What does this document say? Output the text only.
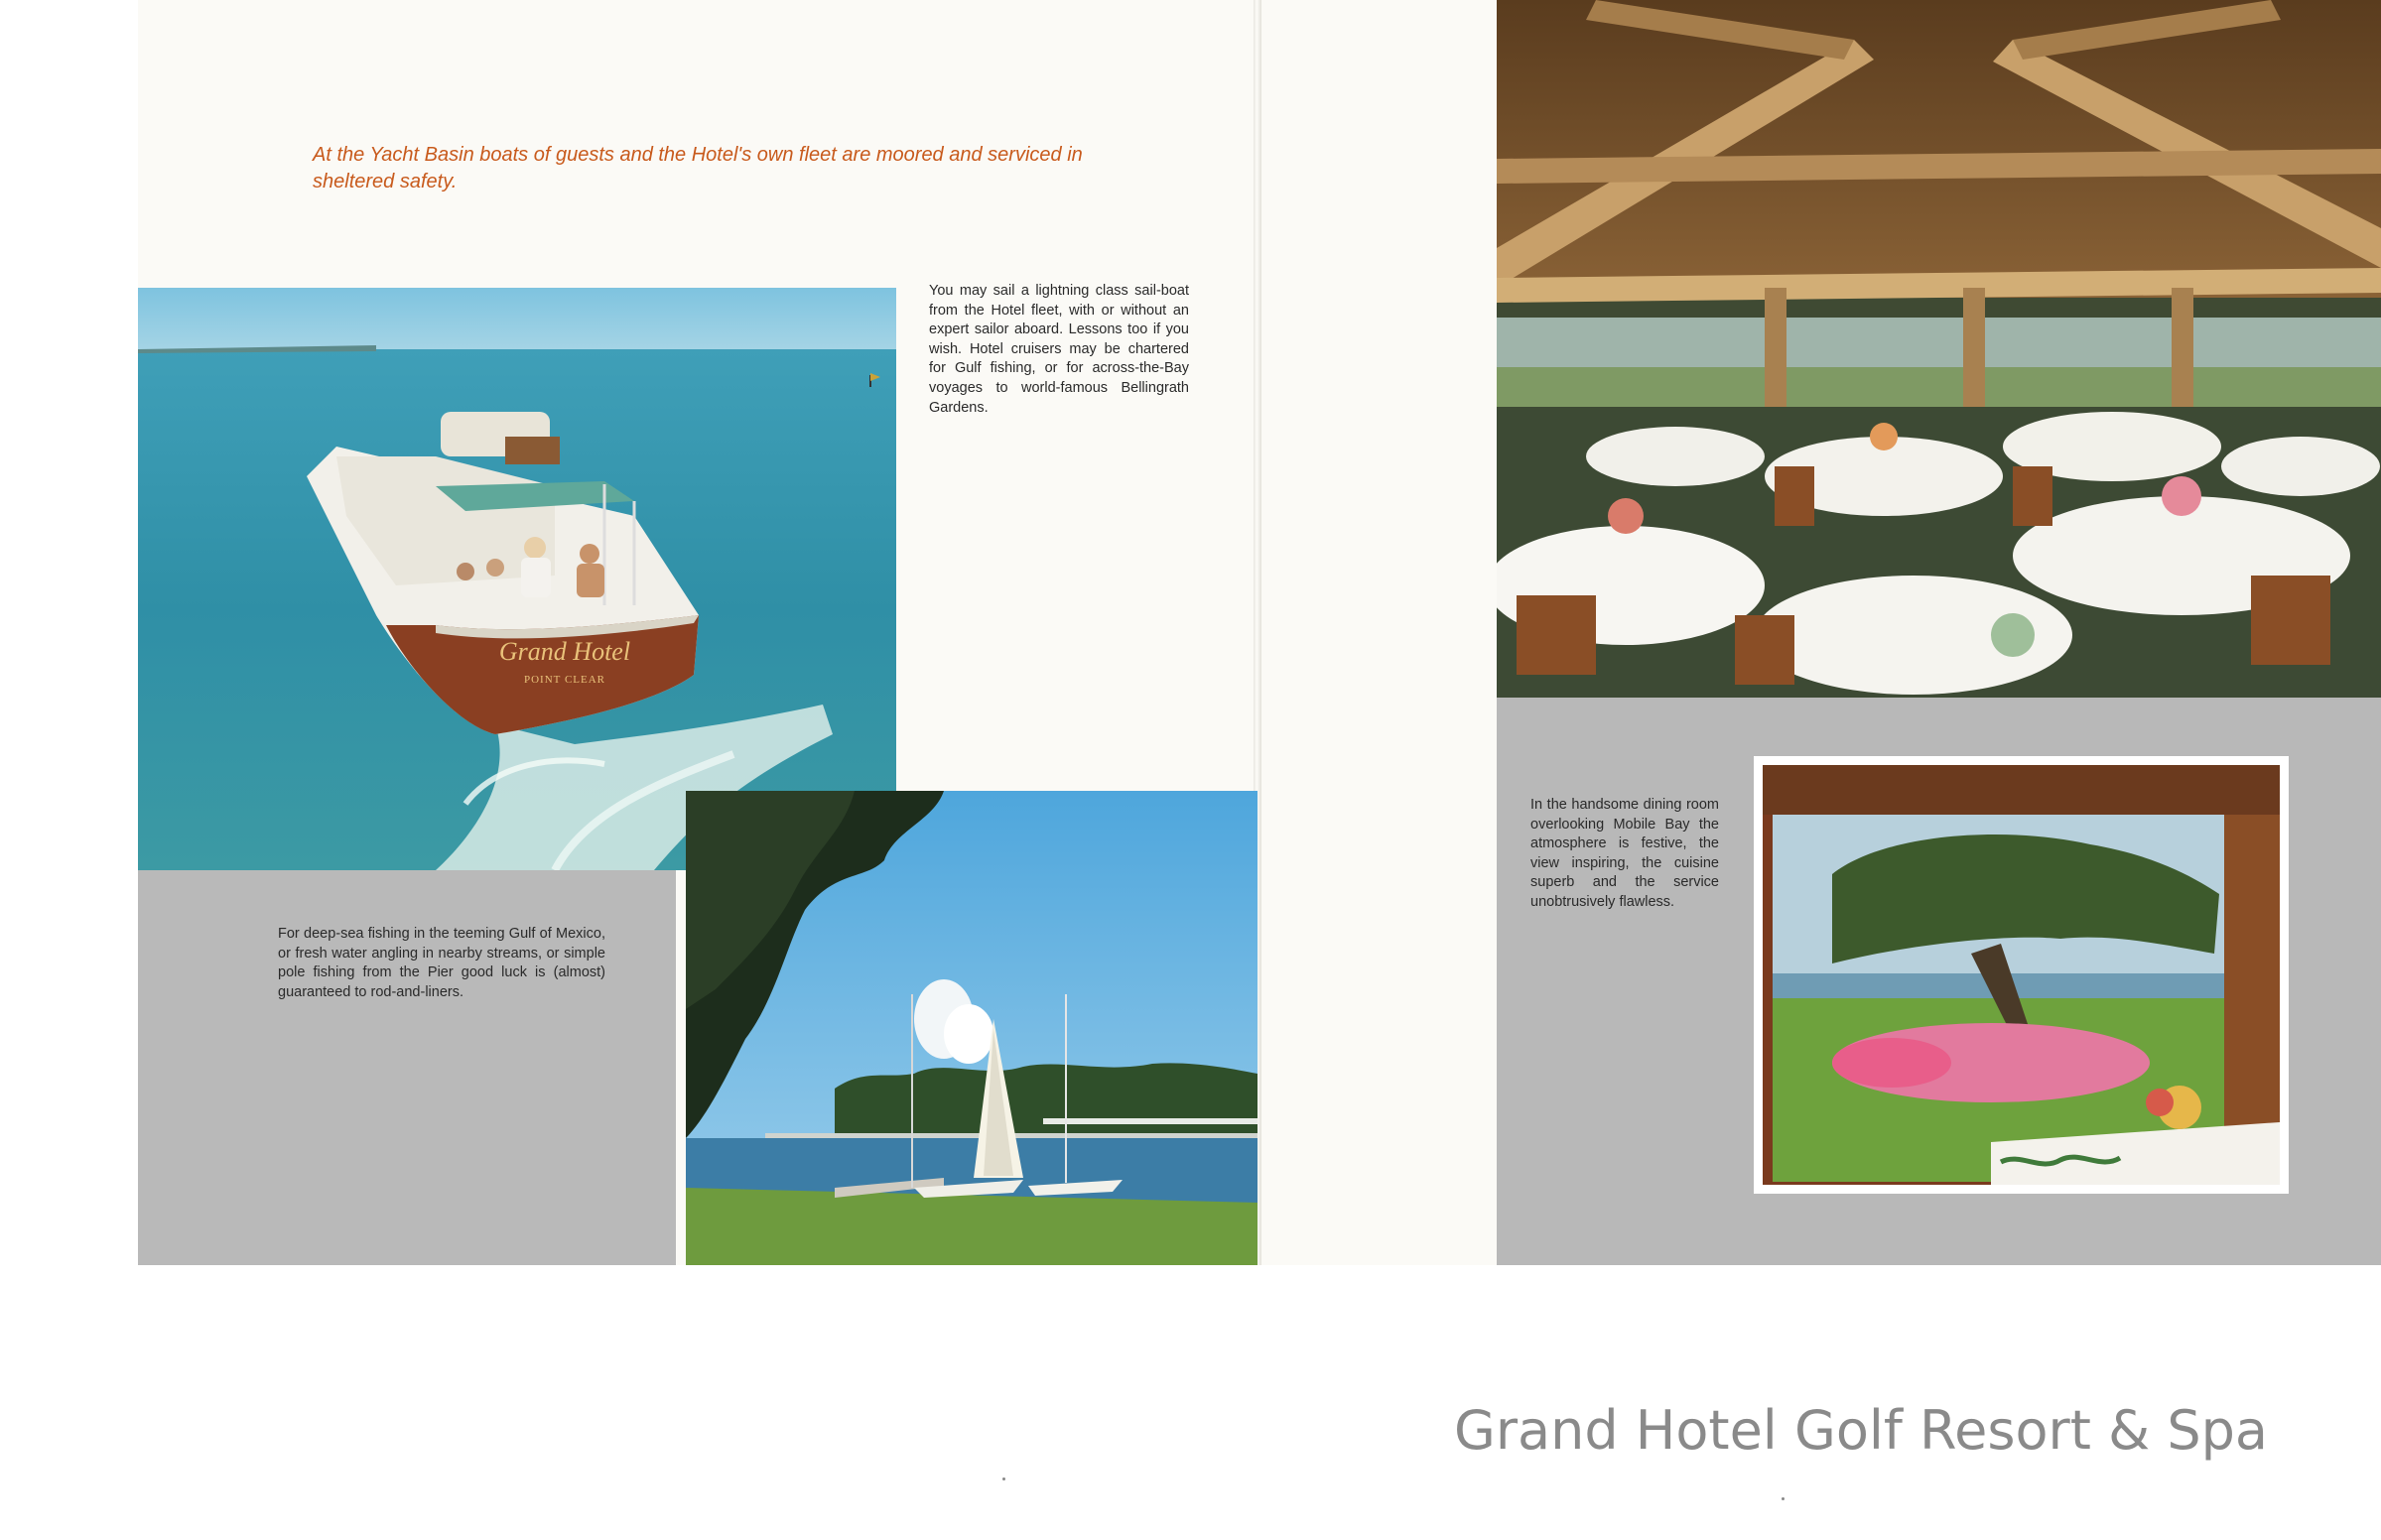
At the Yacht Basin boats of guests and the Hotel's own fleet are moored and serviced in sheltered safety.

Grand Hotel
POINT CLEAR

You may sail a lightning class sail-boat from the Hotel fleet, with or without an expert sailor aboard. Lessons too if you wish. Hotel cruisers may be chartered for Gulf fishing, or for across-the-Bay voyages to world-famous Bellingrath Gardens.

For deep-sea fishing in the teeming Gulf of Mexico, or fresh water angling in nearby streams, or simple pole fishing from the Pier good luck is (almost) guaranteed to rod-and-liners.

In the handsome dining room overlooking Mobile Bay the atmosphere is festive, the view inspiring, the cuisine superb and the service unobtrusively flawless.

Grand Hotel Golf Resort & Spa
